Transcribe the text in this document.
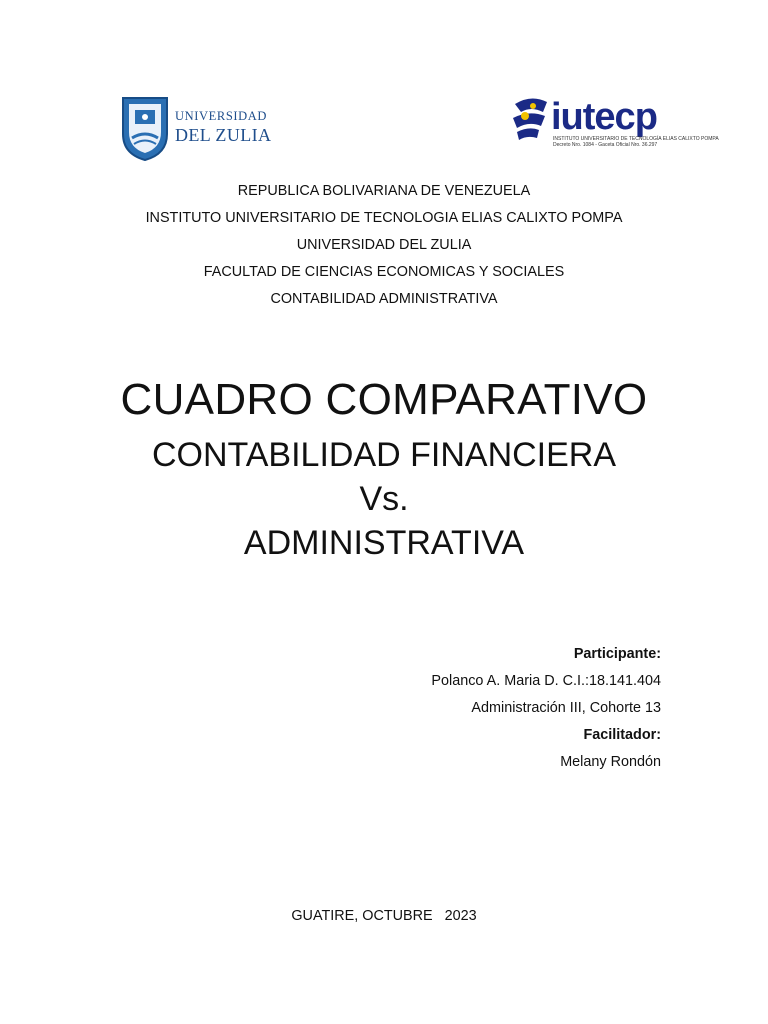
UNIVERSIDAD
DEL ZULIA	iutecp
INSTITUTO UNIVERSITARIO DE TECNOLOGÍA ELIAS CALIXTO POMPA
Decreto Nro. 1084 - Gaceta Oficial Nro. 36.297
REPUBLICA BOLIVARIANA DE VENEZUELA
INSTITUTO UNIVERSITARIO DE TECNOLOGIA ELIAS CALIXTO POMPA
UNIVERSIDAD DEL ZULIA
FACULTAD DE CIENCIAS ECONOMICAS Y SOCIALES
CONTABILIDAD ADMINISTRATIVA
CUADRO COMPARATIVO
CONTABILIDAD FINANCIERA
Vs.
ADMINISTRATIVA
Participante:
Polanco A. Maria D. C.I.:18.141.404
Administración III, Cohorte 13
Facilitador:
Melany Rondón
GUATIRE, OCTUBRE   2023
